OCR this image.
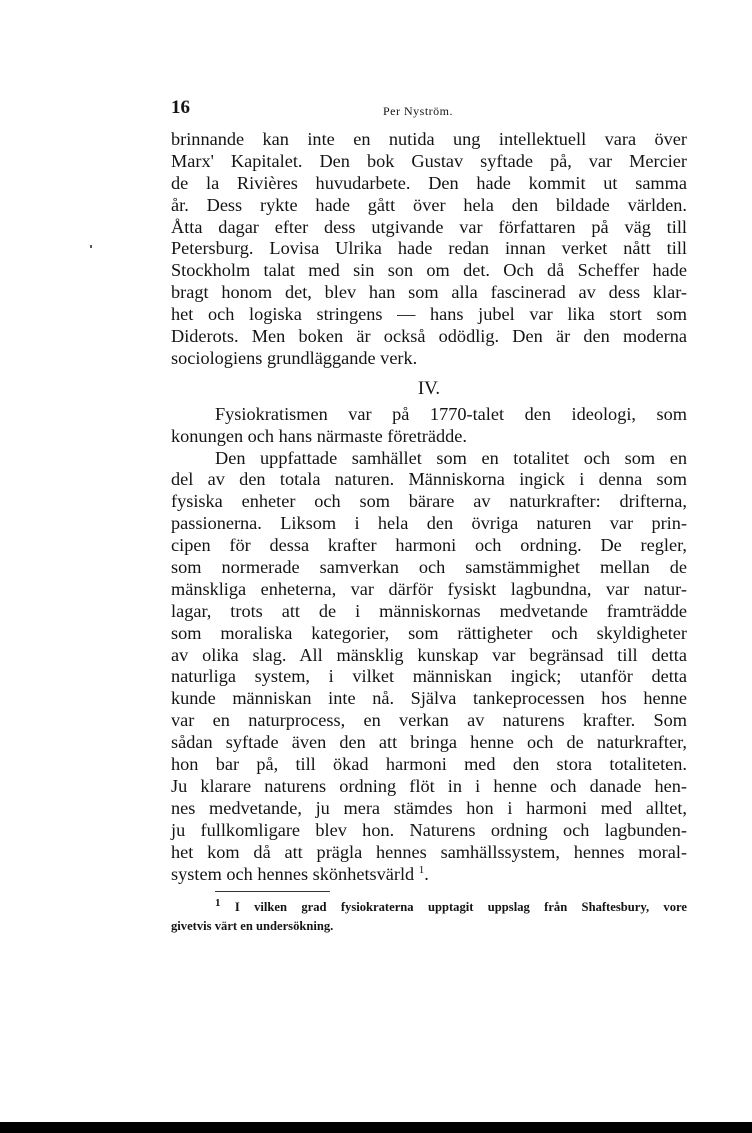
16	Per Nyström.
brinnande kan inte en nutida ung intellektuell vara över
Marx' Kapitalet. Den bok Gustav syftade på, var Mercier
de la Rivières huvudarbete. Den hade kommit ut samma
år. Dess rykte hade gått över hela den bildade världen.
Åtta dagar efter dess utgivande var författaren på väg till
Petersburg. Lovisa Ulrika hade redan innan verket nått till
Stockholm talat med sin son om det. Och då Scheffer hade
bragt honom det, blev han som alla fascinerad av dess klar-
het och logiska stringens — hans jubel var lika stort som
Diderots. Men boken är också odödlig. Den är den moderna
sociologiens grundläggande verk.
IV.
Fysiokratismen var på 1770-talet den ideologi, som
konungen och hans närmaste företrädde.
Den uppfattade samhället som en totalitet och som en
del av den totala naturen. Människorna ingick i denna som
fysiska enheter och som bärare av naturkrafter: drifterna,
passionerna. Liksom i hela den övriga naturen var prin-
cipen för dessa krafter harmoni och ordning. De regler,
som normerade samverkan och samstämmighet mellan de
mänskliga enheterna, var därför fysiskt lagbundna, var natur-
lagar, trots att de i människornas medvetande framträdde
som moraliska kategorier, som rättigheter och skyldigheter
av olika slag. All mänsklig kunskap var begränsad till detta
naturliga system, i vilket människan ingick; utanför detta
kunde människan inte nå. Själva tankeprocessen hos henne
var en naturprocess, en verkan av naturens krafter. Som
sådan syftade även den att bringa henne och de naturkrafter,
hon bar på, till ökad harmoni med den stora totaliteten.
Ju klarare naturens ordning flöt in i henne och danade hen-
nes medvetande, ju mera stämdes hon i harmoni med alltet,
ju fullkomligare blev hon. Naturens ordning och lagbunden-
het kom då att prägla hennes samhällssystem, hennes moral-
system och hennes skönhetsvärld $^1$.
$^1$ I vilken grad fysiokraterna upptagit uppslag från Shaftesbury, vore
givetvis värt en undersökning.
